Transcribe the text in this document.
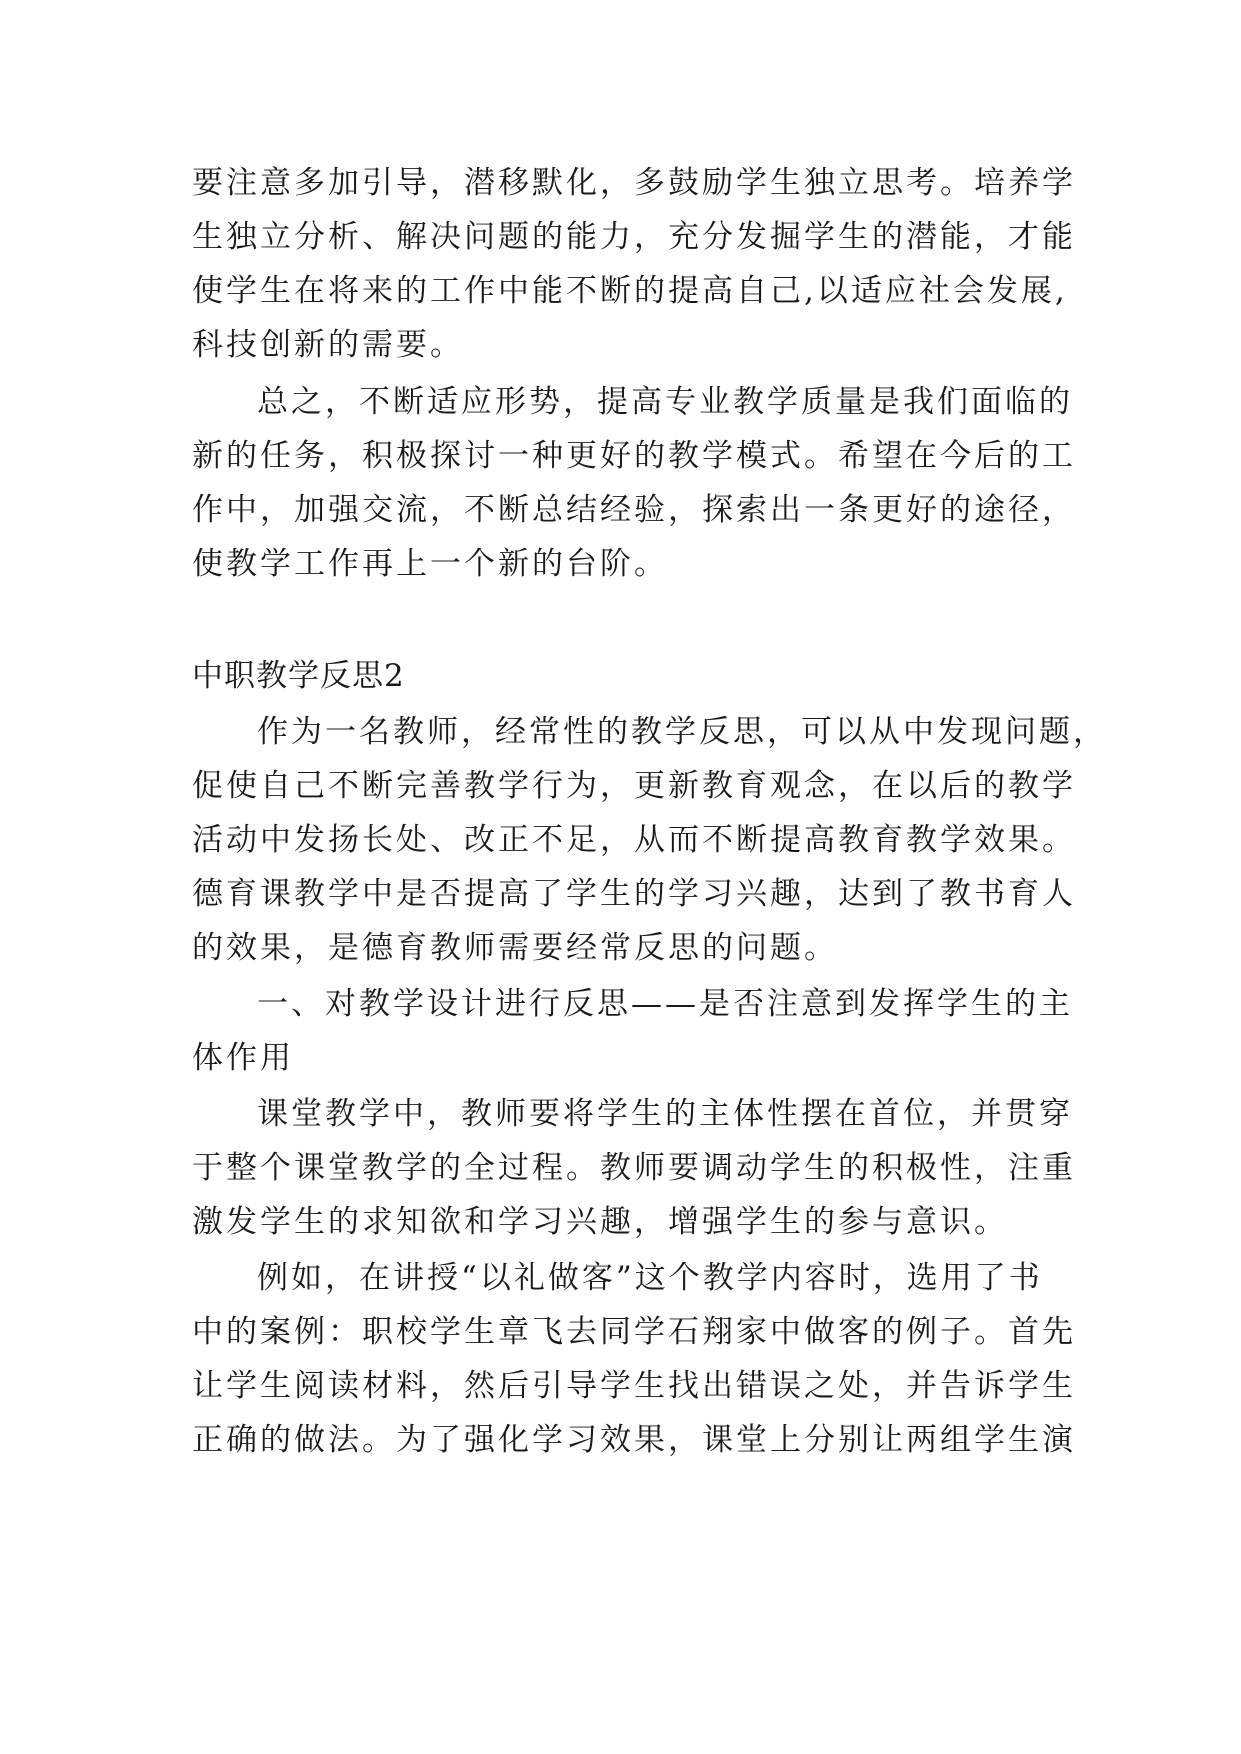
要注意多加引导，潜移默化，多鼓励学生独立思考。培养学

生独立分析、解决问题的能力，充分发掘学生的潜能，才能

使学生在将来的工作中能不断的提高自己,以适应社会发展,

科技创新的需要。

总之，不断适应形势，提高专业教学质量是我们面临的

新的任务，积极探讨一种更好的教学模式。希望在今后的工

作中，加强交流，不断总结经验，探索出一条更好的途径，

使教学工作再上一个新的台阶。

中职教学反思2

作为一名教师，经常性的教学反思，可以从中发现问题，

促使自己不断完善教学行为，更新教育观念，在以后的教学

活动中发扬长处、改正不足，从而不断提高教育教学效果。

德育课教学中是否提高了学生的学习兴趣，达到了教书育人

的效果，是德育教师需要经常反思的问题。

一、对教学设计进行反思——是否注意到发挥学生的主

体作用

课堂教学中，教师要将学生的主体性摆在首位，并贯穿

于整个课堂教学的全过程。教师要调动学生的积极性，注重

激发学生的求知欲和学习兴趣，增强学生的参与意识。

例如，在讲授“以礼做客”这个教学内容时，选用了书

中的案例：职校学生章飞去同学石翔家中做客的例子。首先

让学生阅读材料，然后引导学生找出错误之处，并告诉学生

正确的做法。为了强化学习效果，课堂上分别让两组学生演
